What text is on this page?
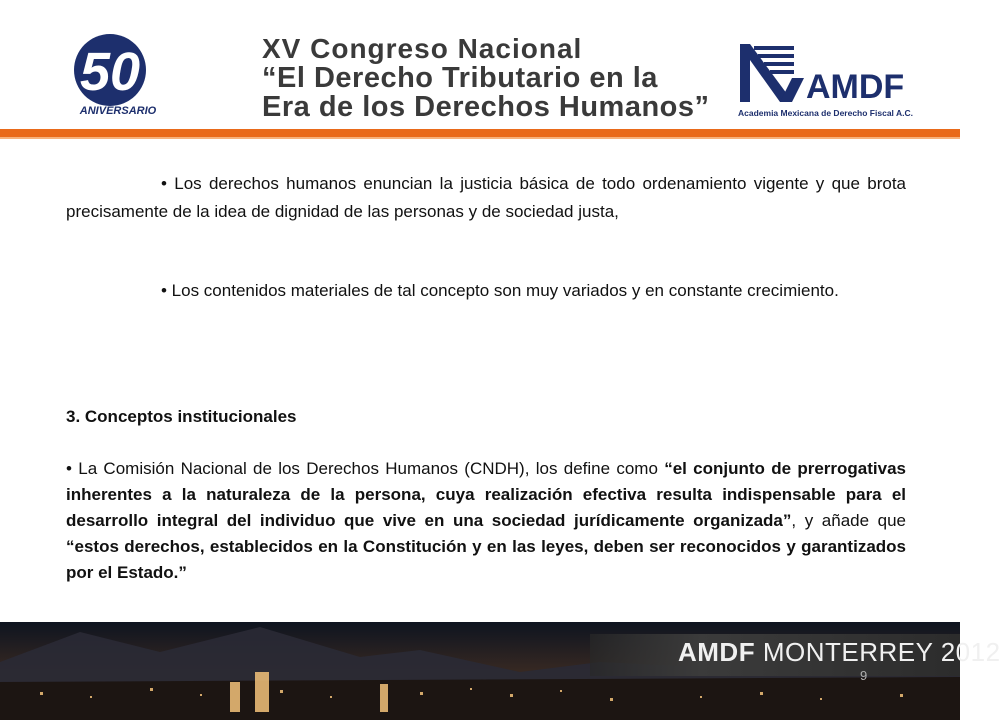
50
ANIVERSARIO
XV Congreso Nacional
“El Derecho Tributario en la
Era de los Derechos Humanos”
AMDF
Academia Mexicana de Derecho Fiscal A.C.
• Los derechos humanos enuncian la justicia básica de todo ordenamiento vigente y que brota precisamente de la idea de dignidad de las personas y de sociedad justa,
• Los contenidos materiales de tal concepto son muy variados y en constante crecimiento.
3. Conceptos institucionales
• La Comisión Nacional de los Derechos Humanos (CNDH), los define como “el conjunto de prerrogativas inherentes a la naturaleza de la persona, cuya realización efectiva resulta indispensable para el desarrollo integral del individuo que vive en una sociedad jurídicamente organizada”, y añade que “estos derechos, establecidos en la Constitución y en las leyes, deben ser reconocidos y garantizados por el Estado.”
AMDF MONTERREY 2012
9
